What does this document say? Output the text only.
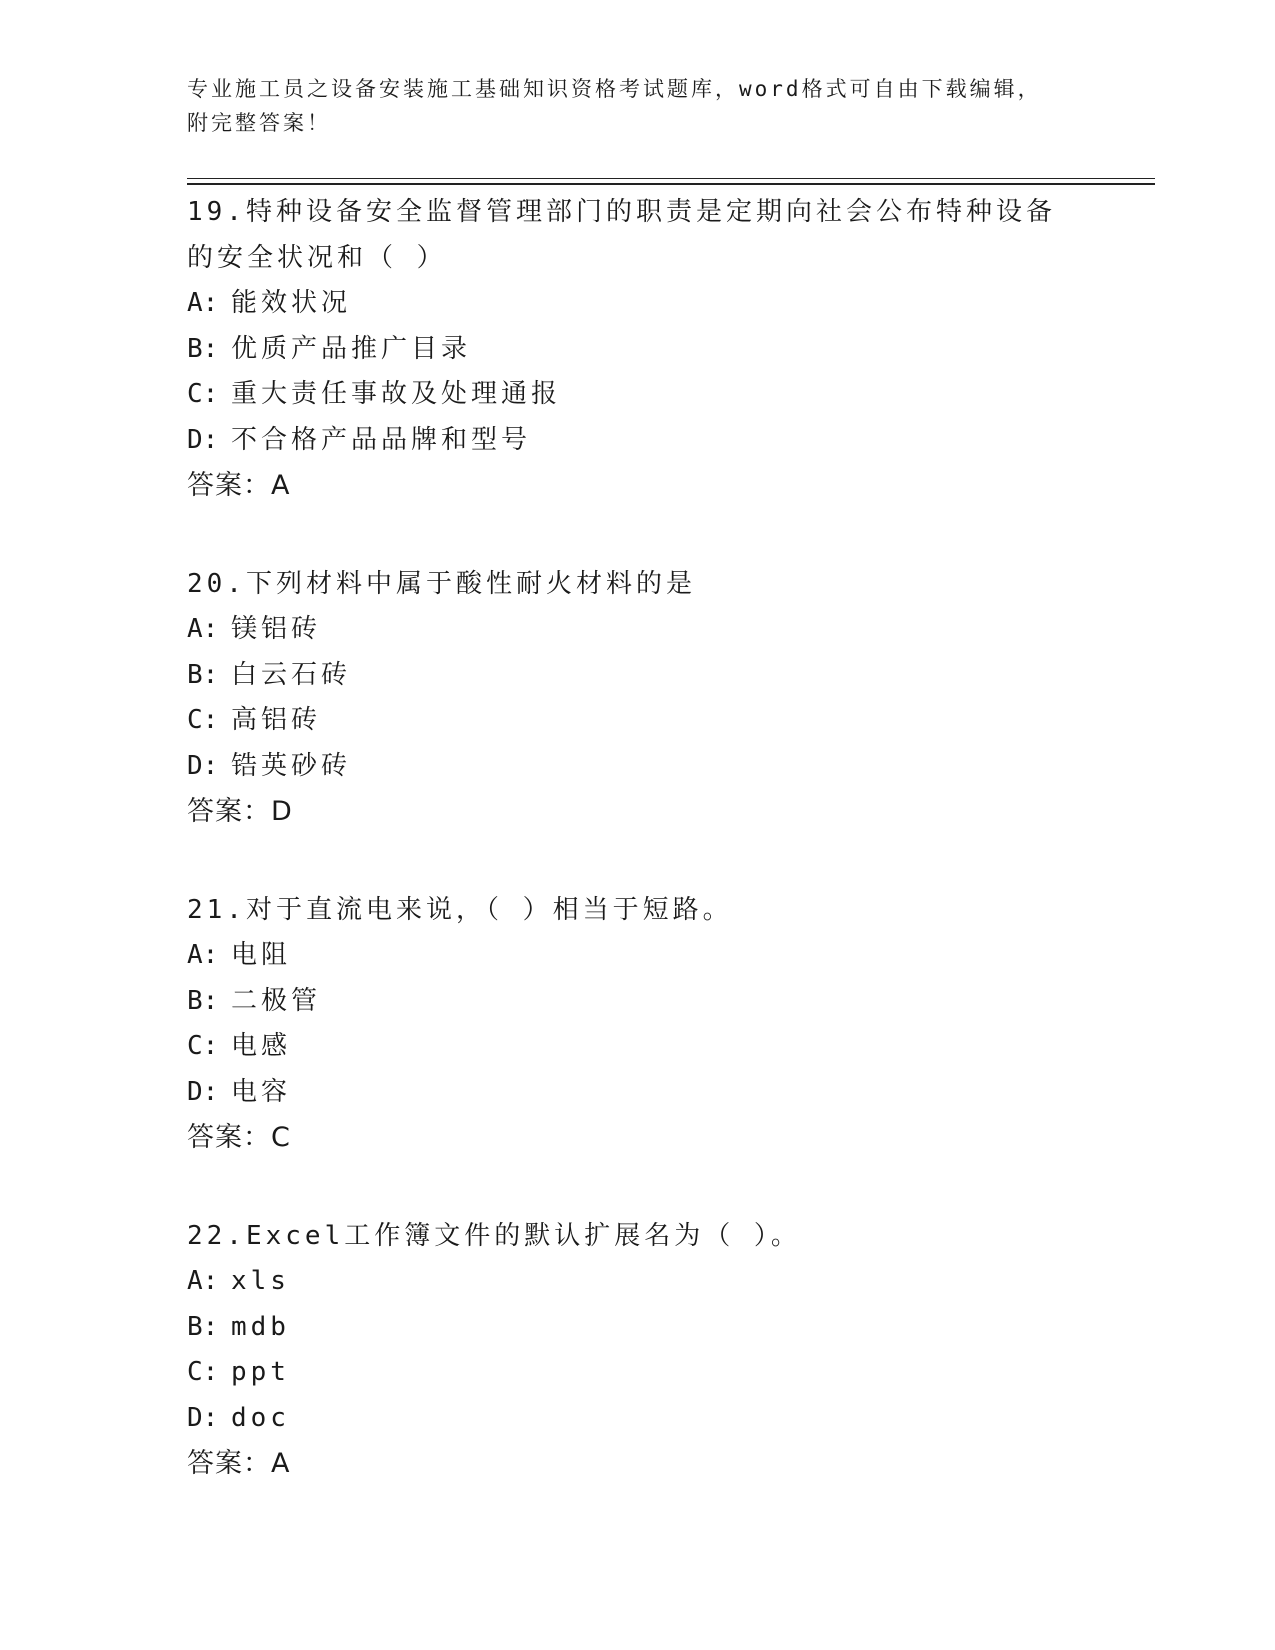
专业施工员之设备安装施工基础知识资格考试题库，word格式可自由下载编辑，
附完整答案！

19.特种设备安全监督管理部门的职责是定期向社会公布特种设备的安全状况和（ ）

A: 能效状况

B: 优质产品推广目录

C: 重大责任事故及处理通报

D: 不合格产品品牌和型号

答案：A

20.下列材料中属于酸性耐火材料的是

A: 镁铝砖

B: 白云石砖

C: 高铝砖

D: 锆英砂砖

答案：D

21.对于直流电来说，（ ）相当于短路。

A: 电阻

B: 二极管

C: 电感

D: 电容

答案：C

22.Excel工作簿文件的默认扩展名为（ ）。

A: xls

B: mdb

C: ppt

D: doc

答案：A
